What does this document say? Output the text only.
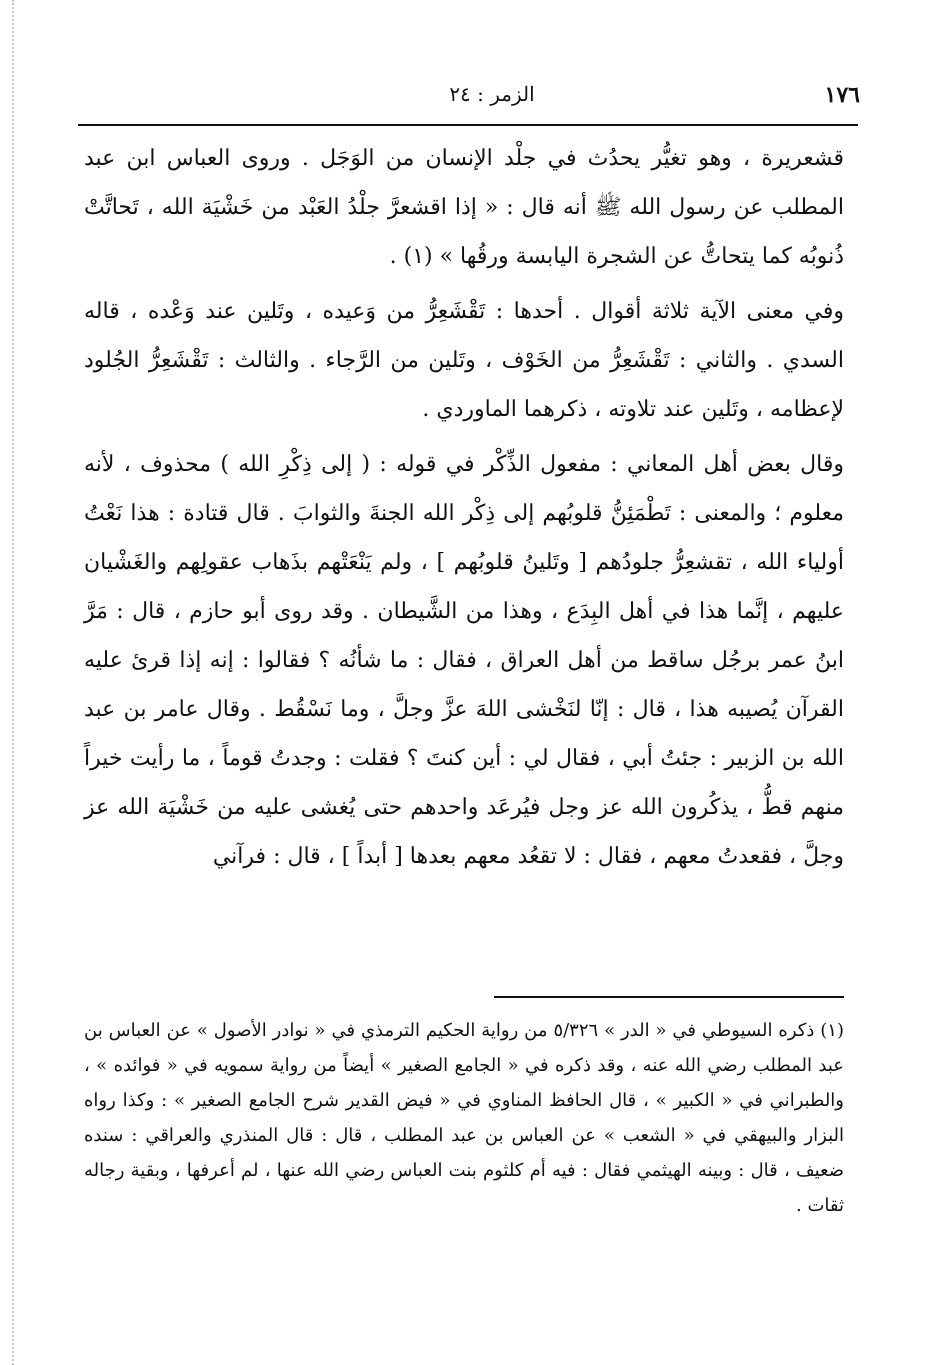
١٧٦
الزمر : ٢٤

قشعريرة ، وهو تغيُّر يحدُث في جلْد الإنسان من الوَجَل . وروى العباس ابن عبد المطلب عن رسول الله ﷺ أنه قال : « إذا اقشعرَّ جلْدُ العَبْد من خَشْيَة الله ، تَحاتَّتْ ذُنوبُه كما يتحاتُّ عن الشجرة اليابسة ورقُها » (١) .

وفي معنى الآية ثلاثة أقوال . أحدها : تَقْشَعِرُّ من وَعيده ، وتَلين عند وَعْده ، قاله السدي . والثاني : تَقْشَعِرُّ من الخَوْف ، وتَلين من الرَّجاء . والثالث : تَقْشَعِرُّ الجُلود لإعظامه ، وتَلين عند تلاوته ، ذكرهما الماوردي .

وقال بعض أهل المعاني : مفعول الذِّكْر في قوله : ( إلى ذِكْرِ الله ) محذوف ، لأنه معلوم ؛ والمعنى : تَطْمَئِنُّ قلوبُهم إلى ذِكْر الله الجنةَ والثوابَ . قال قتادة : هذا نَعْتُ أولياء الله ، تقشعِرُّ جلودُهم [ وتَلينُ قلوبُهم ] ، ولم يَنْعَتْهم بذَهاب عقولِهم والغَشْيان عليهم ، إنَّما هذا في أهل البِدَع ، وهذا من الشَّيطان . وقد روى أبو حازم ، قال : مَرَّ ابنُ عمر برجُل ساقط من أهل العراق ، فقال : ما شأنُه ؟ فقالوا : إنه إذا قرئ عليه القرآن يُصيبه هذا ، قال : إنّا لنَخْشى اللهَ عزَّ وجلَّ ، وما نَسْقُط . وقال عامر بن عبد الله بن الزبير : جئتُ أبي ، فقال لي : أين كنتَ ؟ فقلت : وجدتُ قوماً ، ما رأيت خيراً منهم قطُّ ، يذكُرون الله عز وجل فيُرعَد واحدهم حتى يُغشى عليه من خَشْيَة الله عز وجلَّ ، فقعدتُ معهم ، فقال : لا تقعُد معهم بعدها [ أبداً ] ، قال : فرآني

(١) ذكره السيوطي في « الدر » ٥/٣٢٦ من رواية الحكيم الترمذي في « نوادر الأصول » عن العباس بن عبد المطلب رضي الله عنه ، وقد ذكره في « الجامع الصغير » أيضاً من رواية سمويه في « فوائده » ، والطبراني في « الكبير » ، قال الحافظ المناوي في « فيض القدير شرح الجامع الصغير » : وكذا رواه البزار والبيهقي في « الشعب » عن العباس بن عبد المطلب ، قال : قال المنذري والعراقي : سنده ضعيف ، قال : وبينه الهيثمي فقال : فيه أم كلثوم بنت العباس رضي الله عنها ، لم أعرفها ، وبقية رجاله ثقات .
